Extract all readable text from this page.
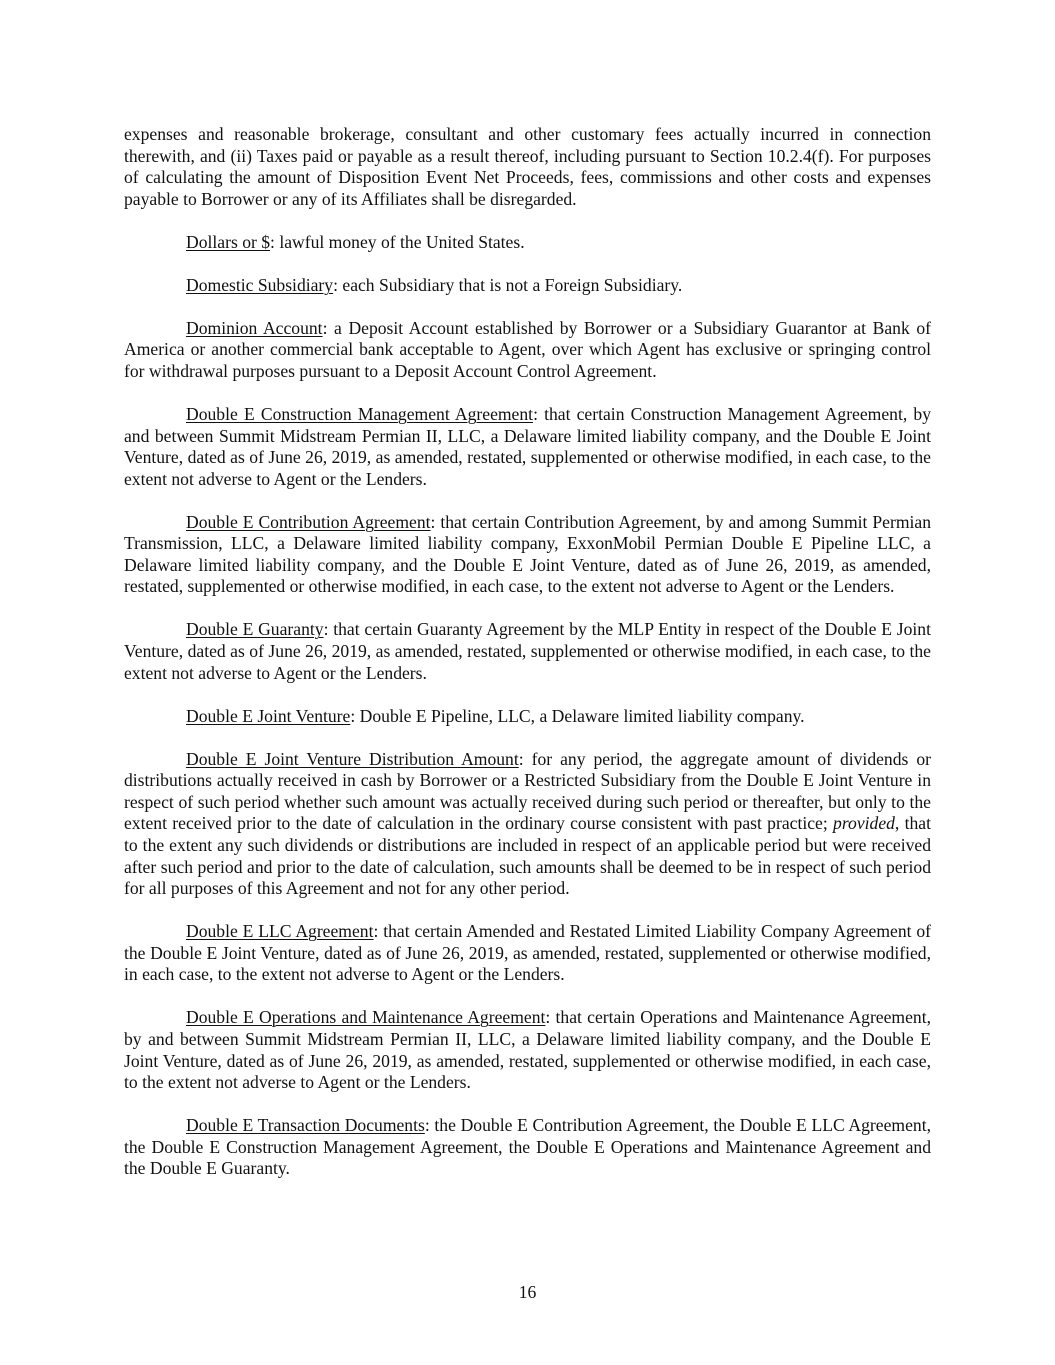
expenses and reasonable brokerage, consultant and other customary fees actually incurred in connection therewith, and (ii) Taxes paid or payable as a result thereof, including pursuant to Section 10.2.4(f). For purposes of calculating the amount of Disposition Event Net Proceeds, fees, commissions and other costs and expenses payable to Borrower or any of its Affiliates shall be disregarded.

Dollars or $: lawful money of the United States.

Domestic Subsidiary: each Subsidiary that is not a Foreign Subsidiary.

Dominion Account: a Deposit Account established by Borrower or a Subsidiary Guarantor at Bank of America or another commercial bank acceptable to Agent, over which Agent has exclusive or springing control for withdrawal purposes pursuant to a Deposit Account Control Agreement.

Double E Construction Management Agreement: that certain Construction Management Agreement, by and between Summit Midstream Permian II, LLC, a Delaware limited liability company, and the Double E Joint Venture, dated as of June 26, 2019, as amended, restated, supplemented or otherwise modified, in each case, to the extent not adverse to Agent or the Lenders.

Double E Contribution Agreement: that certain Contribution Agreement, by and among Summit Permian Transmission, LLC, a Delaware limited liability company, ExxonMobil Permian Double E Pipeline LLC, a Delaware limited liability company, and the Double E Joint Venture, dated as of June 26, 2019, as amended, restated, supplemented or otherwise modified, in each case, to the extent not adverse to Agent or the Lenders.

Double E Guaranty: that certain Guaranty Agreement by the MLP Entity in respect of the Double E Joint Venture, dated as of June 26, 2019, as amended, restated, supplemented or otherwise modified, in each case, to the extent not adverse to Agent or the Lenders.

Double E Joint Venture: Double E Pipeline, LLC, a Delaware limited liability company.

Double E Joint Venture Distribution Amount: for any period, the aggregate amount of dividends or distributions actually received in cash by Borrower or a Restricted Subsidiary from the Double E Joint Venture in respect of such period whether such amount was actually received during such period or thereafter, but only to the extent received prior to the date of calculation in the ordinary course consistent with past practice; provided, that to the extent any such dividends or distributions are included in respect of an applicable period but were received after such period and prior to the date of calculation, such amounts shall be deemed to be in respect of such period for all purposes of this Agreement and not for any other period.

Double E LLC Agreement: that certain Amended and Restated Limited Liability Company Agreement of the Double E Joint Venture, dated as of June 26, 2019, as amended, restated, supplemented or otherwise modified, in each case, to the extent not adverse to Agent or the Lenders.

Double E Operations and Maintenance Agreement: that certain Operations and Maintenance Agreement, by and between Summit Midstream Permian II, LLC, a Delaware limited liability company, and the Double E Joint Venture, dated as of June 26, 2019, as amended, restated, supplemented or otherwise modified, in each case, to the extent not adverse to Agent or the Lenders.

Double E Transaction Documents: the Double E Contribution Agreement, the Double E LLC Agreement, the Double E Construction Management Agreement, the Double E Operations and Maintenance Agreement and the Double E Guaranty.

16
